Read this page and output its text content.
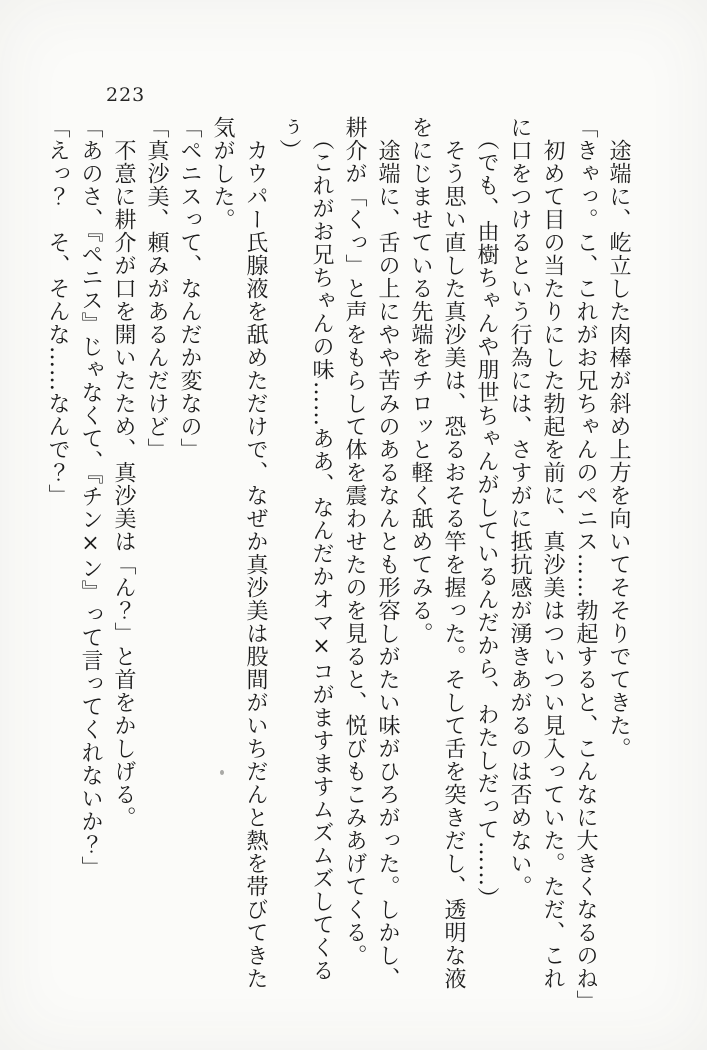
223

途端に、屹立した肉棒が斜め上方を向いてそそりでてきた。

「きゃっ。こ、これがお兄ちゃんのペニス……勃起すると、こんなに大きくなるのね」

初めて目の当たりにした勃起を前に、真沙美はついつい見入っていた。ただ、これに口をつけるという行為には、さすがに抵抗感が湧きあがるのは否めない。

（でも、由樹ちゃんや朋世ちゃんがしているんだから、わたしだって……）

そう思い直した真沙美は、恐るおそる竿を握った。そして舌を突きだし、透明な液をにじませている先端をチロッと軽く舐めてみる。

途端に、舌の上にやや苦みのあるなんとも形容しがたい味がひろがった。しかし、耕介が「くっ」と声をもらして体を震わせたのを見ると、悦びもこみあげてくる。

（これがお兄ちゃんの味……ああ、なんだかオマ×コがますますムズムズしてくるぅ）

カウパー氏腺液を舐めただけで、なぜか真沙美は股間がいちだんと熱を帯びてきた気がした。

「ペニスって、なんだか変なの」

「真沙美、頼みがあるんだけど」

不意に耕介が口を開いたため、真沙美は「ん？」と首をかしげる。

「あのさ、『ペニス』じゃなくて、『チン×ン』って言ってくれないか？」

「えっ？　そ、そんな……なんで？」
